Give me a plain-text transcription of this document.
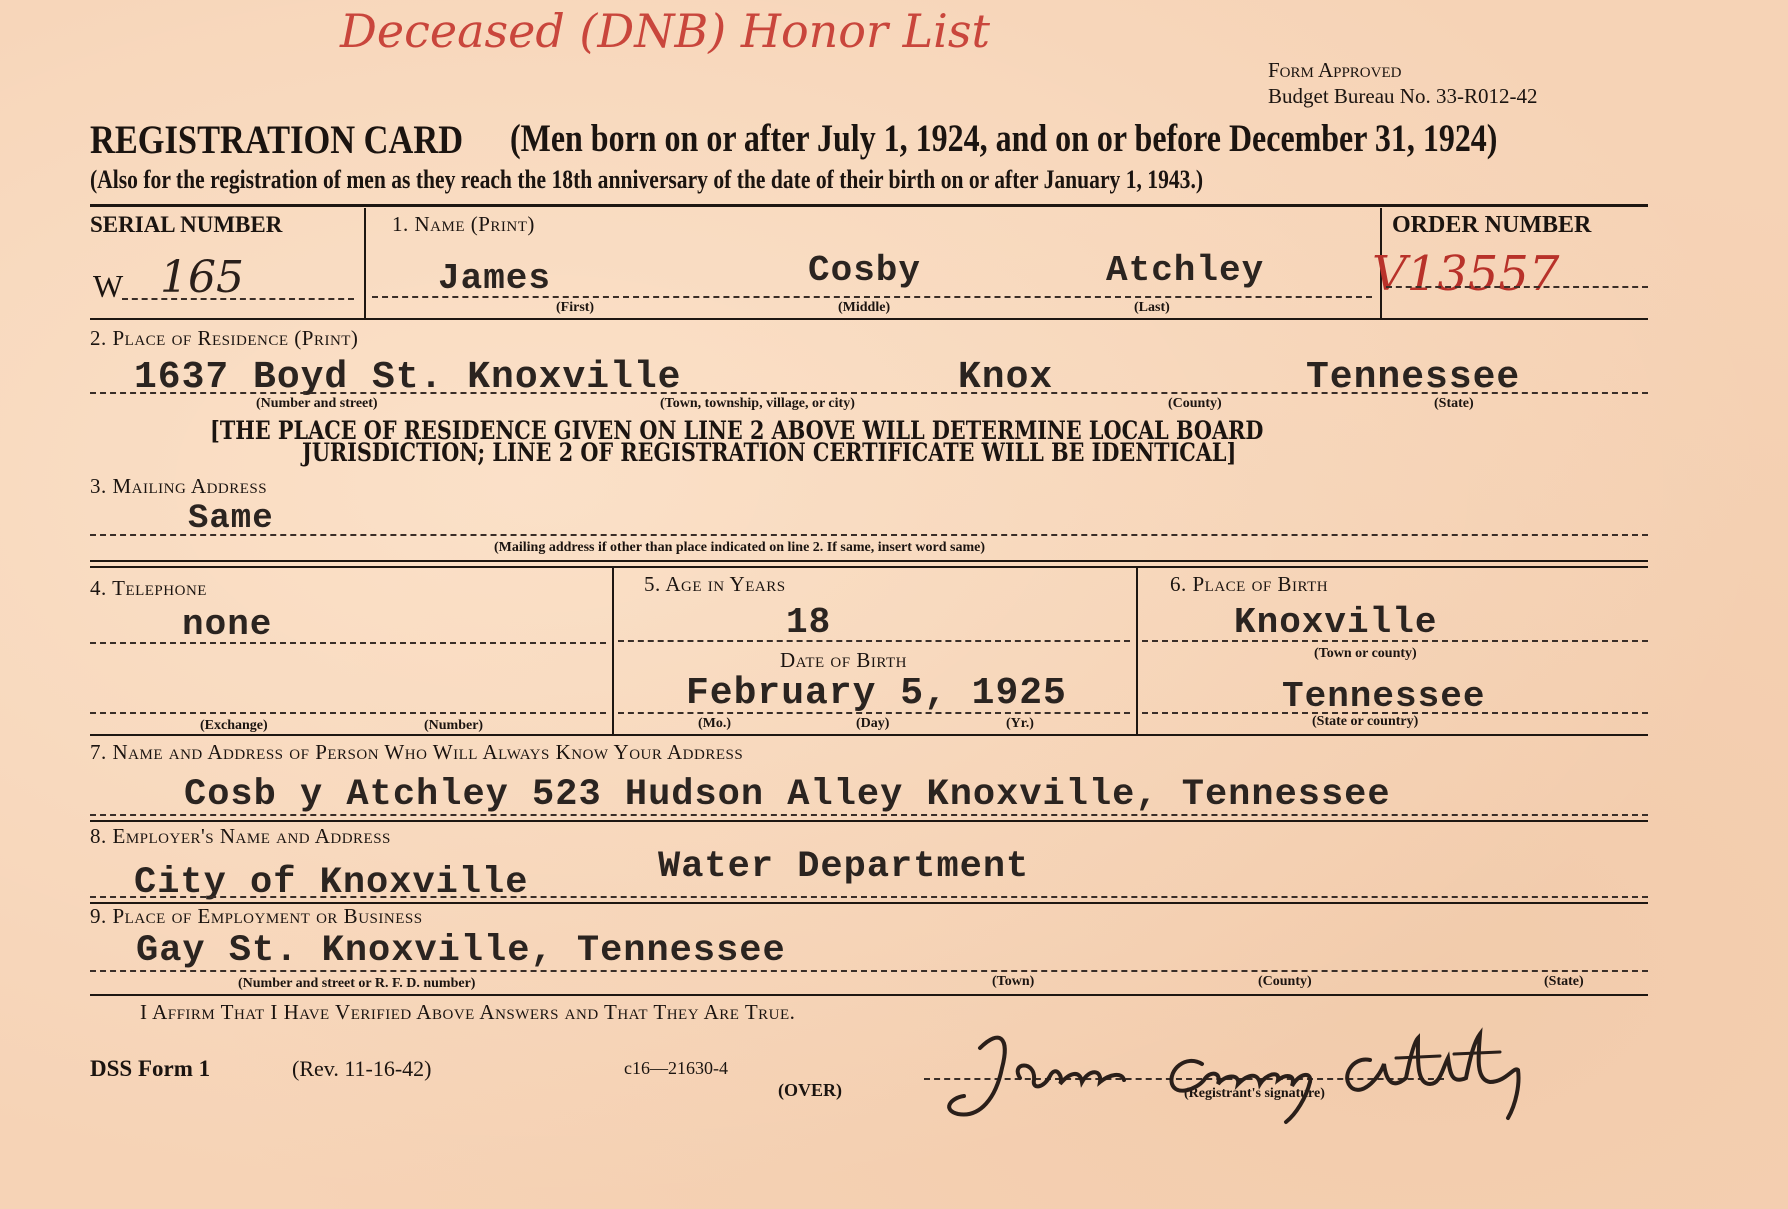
Deceased (DNB) Honor List
Form Approved
Budget Bureau No. 33-R012-42
REGISTRATION CARD (Men born on or after July 1, 1924, and on or before December 31, 1924)
(Also for the registration of men as they reach the 18th anniversary of the date of their birth on or after January 1, 1943.)
SERIAL NUMBER
W 165
1. Name (Print)
James	Cosby	Atchley
(First)	(Middle)	(Last)
ORDER NUMBER
V13557
2. Place of Residence (Print)
1637 Boyd St. Knoxville	Knox	Tennessee
(Number and street)	(Town, township, village, or city)	(County)	(State)
[THE PLACE OF RESIDENCE GIVEN ON LINE 2 ABOVE WILL DETERMINE LOCAL BOARD
JURISDICTION; LINE 2 OF REGISTRATION CERTIFICATE WILL BE IDENTICAL]
3. Mailing Address
Same
(Mailing address if other than place indicated on line 2. If same, insert word same)
4. Telephone
none
(Exchange)	(Number)
5. Age in Years
18
Date of Birth
February 5, 1925
(Mo.)	(Day)	(Yr.)
6. Place of Birth
Knoxville
(Town or county)
Tennessee
(State or country)
7. Name and Address of Person Who Will Always Know Your Address
Cosb y Atchley 523 Hudson Alley Knoxville, Tennessee
8. Employer's Name and Address
City of Knoxville	Water Department
9. Place of Employment or Business
Gay St. Knoxville, Tennessee
(Number and street or R. F. D. number)	(Town)	(County)	(State)
I Affirm That I Have Verified Above Answers and That They Are True.
DSS Form 1	(Rev. 11-16-42)	c16—21630-4
(OVER)	(Registrant's signature)
